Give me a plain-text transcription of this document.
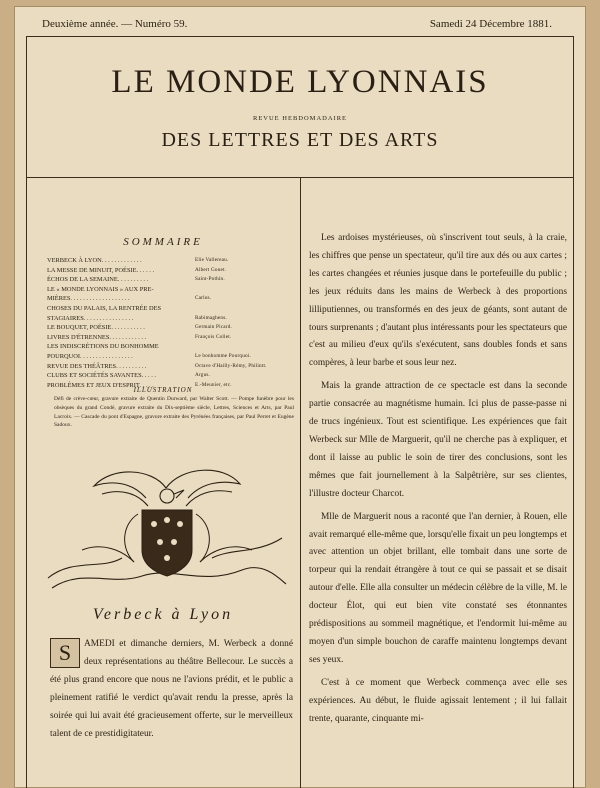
Deuxième année. — Numéro 59.	Samedi 24 Décembre 1881.
LE MONDE LYONNAIS
REVUE HEBDOMADAIRE
DES LETTRES ET DES ARTS
SOMMAIRE
VERBECK À LYON. . . . . . . . . . . . .	Elie Vallereau.
LA MESSE DE MINUIT, POÉSIE. . . . . .	Albert Gonet.
ÉCHOS DE LA SEMAINE. . . . . . . . . .	Saint-Pothin.
LE « MONDE LYONNAIS » AUX PRE-
MIÈRES. . . . . . . . . . . . . . . . . . .	Carlos.
CHOSES DU PALAIS, LA RENTRÉE DES
STAGIAIRES. . . . . . . . . . . . . . . .	Rabimaghens.
LE BOUQUET, POÉSIE. . . . . . . . . . .	Germain Picard.
LIVRES D'ÉTRENNES. . . . . . . . . . . .	François Collet.
LES INDISCRÉTIONS DU BONHOMME
POURQUOI. . . . . . . . . . . . . . . . .	Le bonhomme Pourquoi.
REVUE DES THÉÂTRES. . . . . . . . . .	Octave d'Hailly-Rémy, Philintt.
CLUBS ET SOCIÉTÉS SAVANTES. . . . .	Argus.
PROBLÈMES ET JEUX D'ESPRIT. . . . .	E.-Meunier, etc.
ILLUSTRATION
Défi de crève-cœur, gravure extraite de Quentin Durward, par Walter Scott. — Pompe funèbre pour les obsèques du grand Condé, gravure extraite du Dix-septième siècle, Lettres, Sciences et Arts, par Paul Lacroix. — Cascade du pont d'Espagne, gravure extraite des Pyrénées françaises, par Paul Perret et Eugène Sadoux.
Verbeck à Lyon
S	AMEDI et dimanche derniers, M. Werbeck a donné deux représentations au théâtre Bellecour. Le succès a été plus grand encore que nous ne l'avions prédit, et le public a pleinement ratifié le verdict qu'avait rendu la presse, après la soirée qui lui avait été gracieusement offerte, sur le merveilleux talent de ce prestidigitateur.

Les ardoises mystérieuses, où s'inscrivent tout seuls, à la craie, les chiffres que pense un spectateur, qu'il tire aux dés ou aux cartes ; les cartes changées et réunies jusque dans le portefeuille du public ; les jeux réduits dans les mains de Werbeck à des proportions lilliputiennes, ou transformés en des jeux de géants, sont autant de tours surprenants ; d'autant plus intéressants pour les spectateurs que c'est au milieu d'eux qu'ils s'exécutent, sans doubles fonds et sans compères, à leur barbe et sous leur nez.

Mais la grande attraction de ce spectacle est dans la seconde partie consacrée au magnétisme humain. Ici plus de passe-passe ni de trucs ingénieux. Tout est scientifique. Les expériences que fait Werbeck sur Mlle de Marguerit, qu'il ne cherche pas à expliquer, et dont il laisse au public le soin de tirer des conclusions, sont les mêmes que fait journellement à la Salpêtrière, sur ses clientes, l'illustre docteur Charcot.

Mlle de Marguerit nous a raconté que l'an dernier, à Rouen, elle avait remarqué elle-même que, lorsqu'elle fixait un peu longtemps et avec attention un objet brillant, elle tombait dans une sorte de torpeur qui la rendait étrangère à tout ce qui se passait et se disait autour d'elle. Elle alla consulter un médecin célèbre de la ville, M. le docteur Élot, qui eut bien vite constaté ses étonnantes prédispositions au sommeil magnétique, et l'endormit lui-même au moyen d'un simple bouchon de caraffe maintenu longtemps devant ses yeux.

C'est à ce moment que Werbeck commença avec elle ses expériences. Au début, le fluide agissait lentement ; il lui fallait trente, quarante, cinquante mi-
